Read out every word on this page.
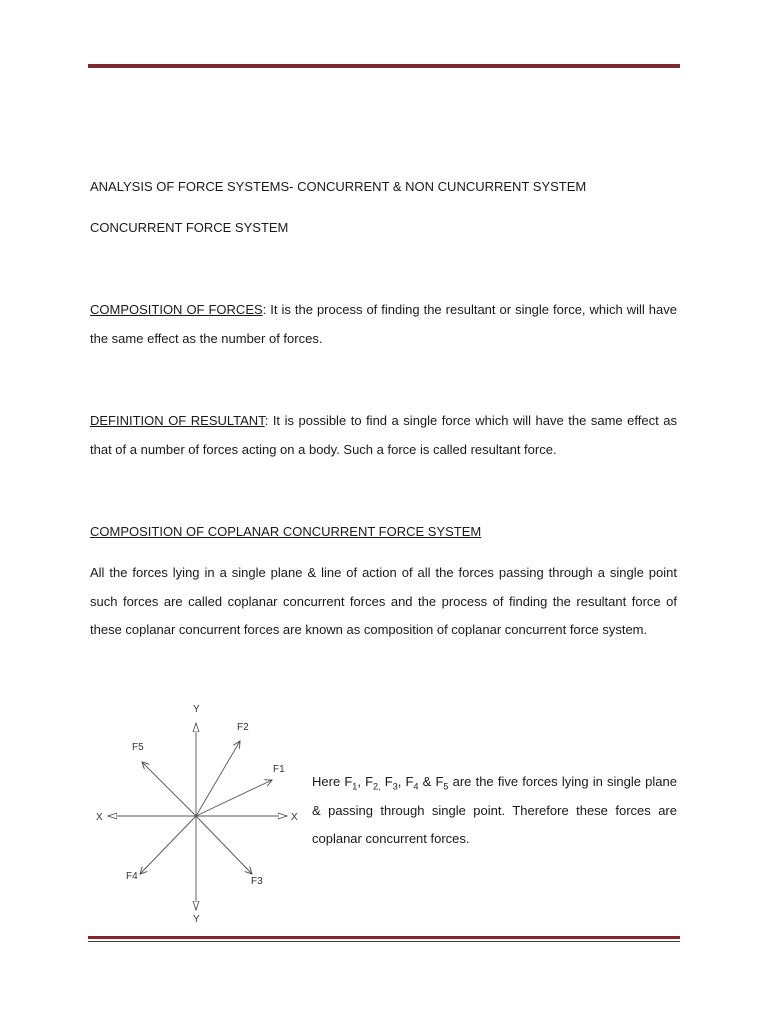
ANALYSIS OF FORCE SYSTEMS- CONCURRENT & NON CUNCURRENT SYSTEM
CONCURRENT FORCE SYSTEM

COMPOSITION OF FORCES: It is the process of finding the resultant or single force, which will have the same effect as the number of forces.

DEFINITION OF RESULTANT: It is possible to find a single force which will have the same effect as that of a number of forces acting on a body. Such a force is called resultant force.

COMPOSITION OF COPLANAR CONCURRENT FORCE SYSTEM

All the forces lying in a single plane & line of action of all the forces passing through a single point such forces are called coplanar concurrent forces and the process of finding the resultant force of these coplanar concurrent forces are known as composition of coplanar concurrent force system.

Y
Y
X	X
F1
F2
F3
F4
F5

Here $F_1$, $F_{2,}$ $F_3$, $F_4$ & $F_5$ are the five forces lying in single plane & passing through single point. Therefore these forces are coplanar concurrent forces.
